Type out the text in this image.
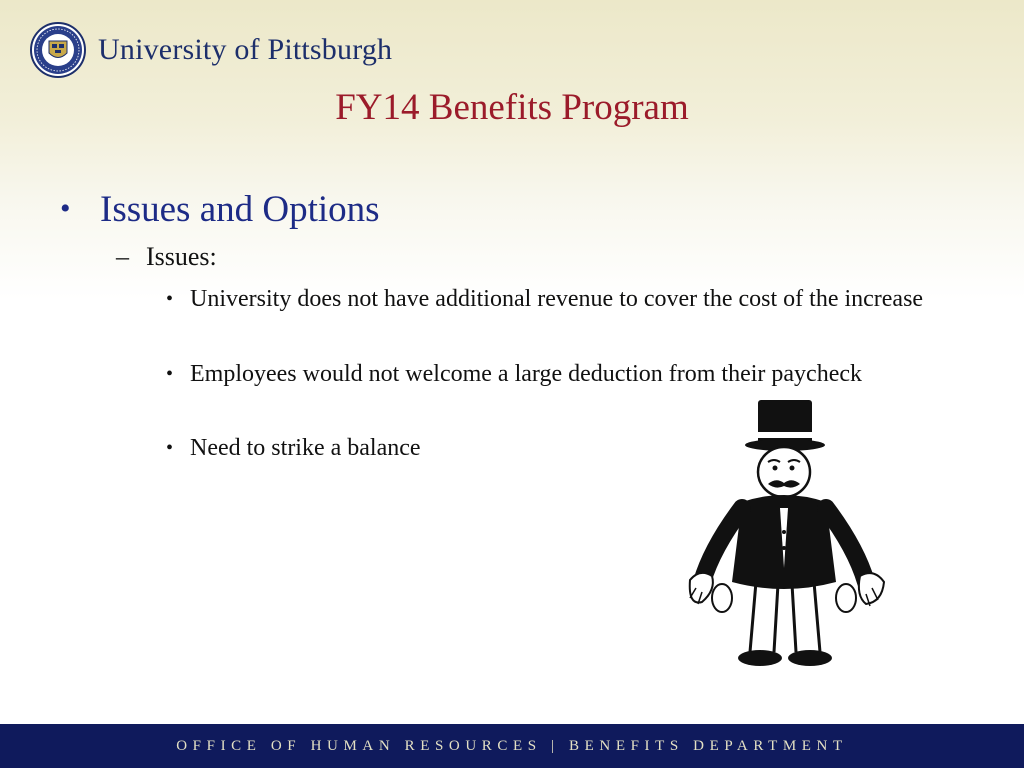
University of Pittsburgh
FY14 Benefits Program
• Issues and Options
– Issues:
• University does not have additional revenue to cover the cost of the increase
• Employees would not welcome a large deduction from their paycheck
• Need to strike a balance
OFFICE OF HUMAN RESOURCES | BENEFITS DEPARTMENT
